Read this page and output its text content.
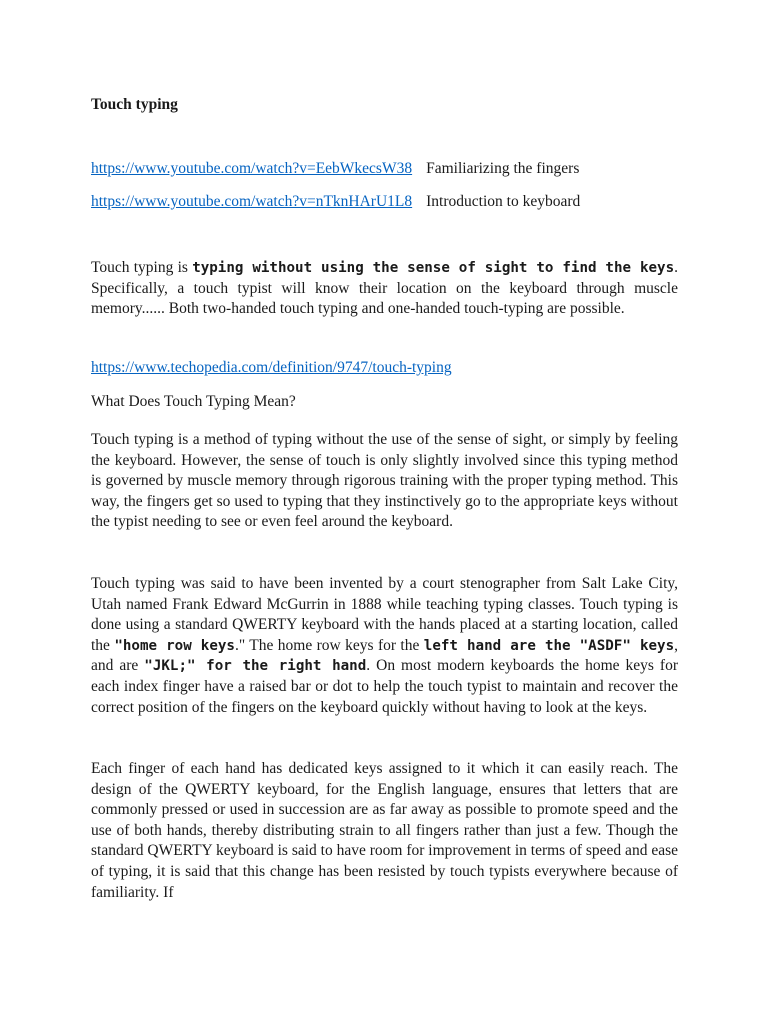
Touch typing
https://www.youtube.com/watch?v=EebWkecsW38 Familiarizing the fingers
https://www.youtube.com/watch?v=nTknHArU1L8 Introduction to keyboard

Touch typing is typing without using the sense of sight to find the keys. Specifically, a touch typist will know their location on the keyboard through muscle memory...... Both two-handed touch typing and one-handed touch-typing are possible.

https://www.techopedia.com/definition/9747/touch-typing

What Does Touch Typing Mean?

Touch typing is a method of typing without the use of the sense of sight, or simply by feeling the keyboard. However, the sense of touch is only slightly involved since this typing method is governed by muscle memory through rigorous training with the proper typing method. This way, the fingers get so used to typing that they instinctively go to the appropriate keys without the typist needing to see or even feel around the keyboard.

Touch typing was said to have been invented by a court stenographer from Salt Lake City, Utah named Frank Edward McGurrin in 1888 while teaching typing classes. Touch typing is done using a standard QWERTY keyboard with the hands placed at a starting location, called the "home row keys." The home row keys for the left hand are the "ASDF" keys, and are "JKL;" for the right hand. On most modern keyboards the home keys for each index finger have a raised bar or dot to help the touch typist to maintain and recover the correct position of the fingers on the keyboard quickly without having to look at the keys.

Each finger of each hand has dedicated keys assigned to it which it can easily reach. The design of the QWERTY keyboard, for the English language, ensures that letters that are commonly pressed or used in succession are as far away as possible to promote speed and the use of both hands, thereby distributing strain to all fingers rather than just a few. Though the standard QWERTY keyboard is said to have room for improvement in terms of speed and ease of typing, it is said that this change has been resisted by touch typists everywhere because of familiarity. If
